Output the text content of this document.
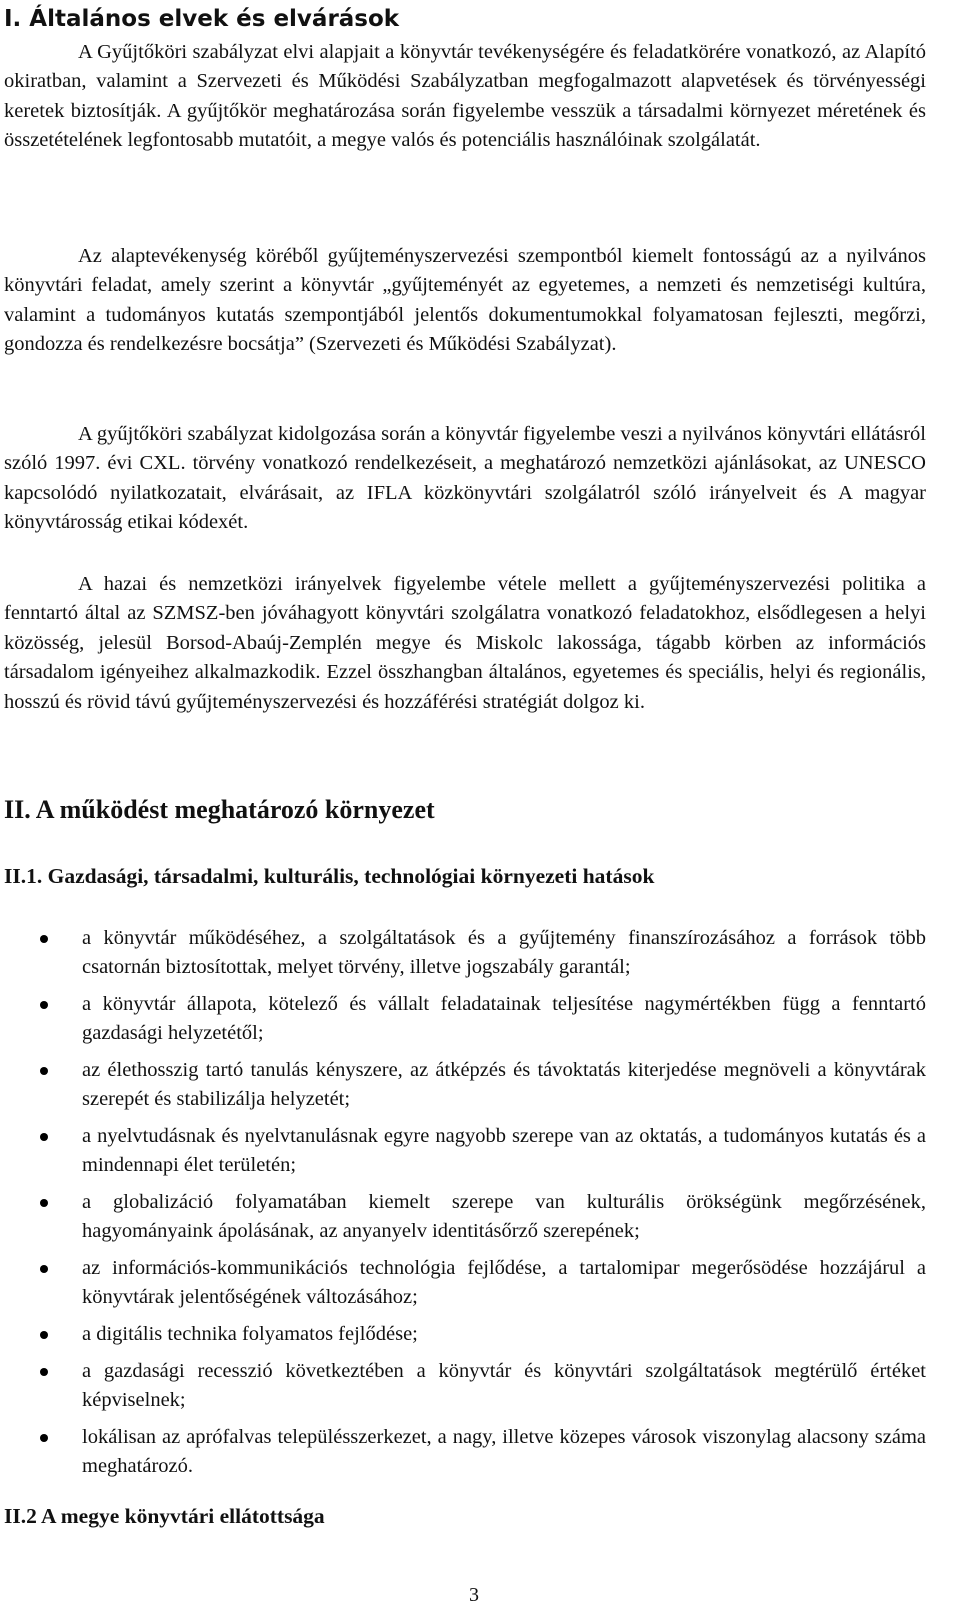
I. Általános elvek és elvárások

A Gyűjtőköri szabályzat elvi alapjait a könyvtár tevékenységére és feladatkörére vonatkozó, az Alapító okiratban, valamint a Szervezeti és Működési Szabályzatban megfogalmazott alapvetések és törvényességi keretek biztosítják. A gyűjtőkör meghatározása során figyelembe vesszük a társadalmi környezet méretének és összetételének legfontosabb mutatóit, a megye valós és potenciális használóinak szolgálatát.

Az alaptevékenység köréből gyűjteményszervezési szempontból kiemelt fontosságú az a nyilvános könyvtári feladat, amely szerint a könyvtár „gyűjteményét az egyetemes, a nemzeti és nemzetiségi kultúra, valamint a tudományos kutatás szempontjából jelentős dokumentumokkal folyamatosan fejleszti, megőrzi, gondozza és rendelkezésre bocsátja” (Szervezeti és Működési Szabályzat).

A gyűjtőköri szabályzat kidolgozása során a könyvtár figyelembe veszi a nyilvános könyvtári ellátásról szóló 1997. évi CXL. törvény vonatkozó rendelkezéseit, a meghatározó nemzetközi ajánlásokat, az UNESCO kapcsolódó nyilatkozatait, elvárásait, az IFLA közkönyvtári szolgálatról szóló irányelveit és A magyar könyvtárosság etikai kódexét.

A hazai és nemzetközi irányelvek figyelembe vétele mellett a gyűjteményszervezési politika a fenntartó által az SZMSZ-ben jóváhagyott könyvtári szolgálatra vonatkozó feladatokhoz, elsődlegesen a helyi közösség, jelesül Borsod-Abaúj-Zemplén megye és Miskolc lakossága, tágabb körben az információs társadalom igényeihez alkalmazkodik. Ezzel összhangban általános, egyetemes és speciális, helyi és regionális, hosszú és rövid távú gyűjteményszervezési és hozzáférési stratégiát dolgoz ki.

II. A működést meghatározó környezet
II.1. Gazdasági, társadalmi, kulturális, technológiai környezeti hatások
a könyvtár működéséhez, a szolgáltatások és a gyűjtemény finanszírozásához a források több csatornán biztosítottak, melyet törvény, illetve jogszabály garantál;
a könyvtár állapota, kötelező és vállalt feladatainak teljesítése nagymértékben függ a fenntartó gazdasági helyzetétől;
az élethosszig tartó tanulás kényszere, az átképzés és távoktatás kiterjedése megnöveli a könyvtárak szerepét és stabilizálja helyzetét;
a nyelvtudásnak és nyelvtanulásnak egyre nagyobb szerepe van az oktatás, a tudományos kutatás és a mindennapi élet területén;
a globalizáció folyamatában kiemelt szerepe van kulturális örökségünk megőrzésének, hagyományaink ápolásának, az anyanyelv identitásőrző szerepének;
az információs-kommunikációs technológia fejlődése, a tartalomipar megerősödése hozzájárul a könyvtárak jelentőségének változásához;
a digitális technika folyamatos fejlődése;
a gazdasági recesszió következtében a könyvtár és könyvtári szolgáltatások megtérülő értéket képviselnek;
lokálisan az aprófalvas településszerkezet, a nagy, illetve közepes városok viszonylag alacsony száma meghatározó.
II.2 A megye könyvtári ellátottsága
3
